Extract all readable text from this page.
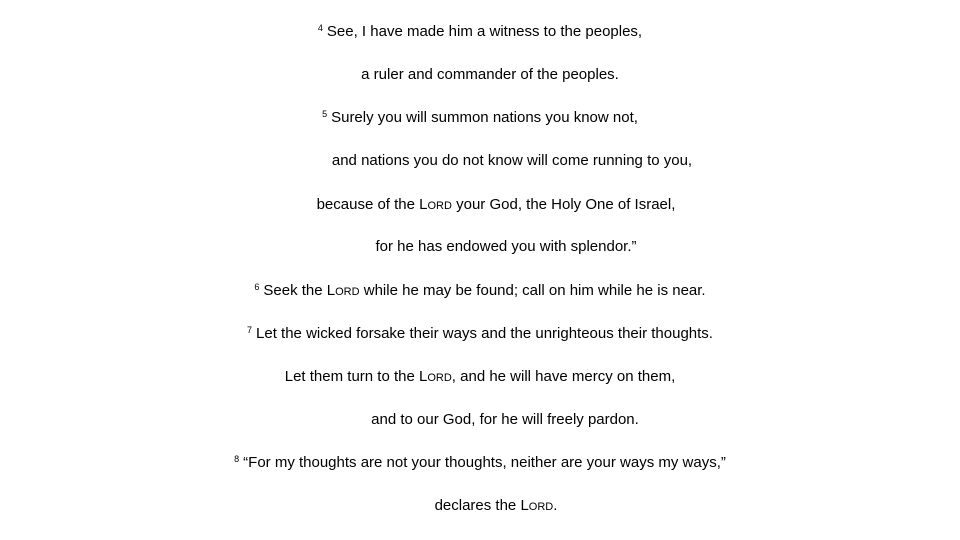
$^4$ See, I have made him a witness to the peoples,
a ruler and commander of the peoples.
$^5$ Surely you will summon nations you know not,
and nations you do not know will come running to you,
because of the LORD your God, the Holy One of Israel,
for he has endowed you with splendor.”
$^6$ Seek the LORD while he may be found; call on him while he is near.
$^7$ Let the wicked forsake their ways and the unrighteous their thoughts.
Let them turn to the LORD, and he will have mercy on them,
and to our God, for he will freely pardon.
$^8$ “For my thoughts are not your thoughts, neither are your ways my ways,”
declares the LORD.
